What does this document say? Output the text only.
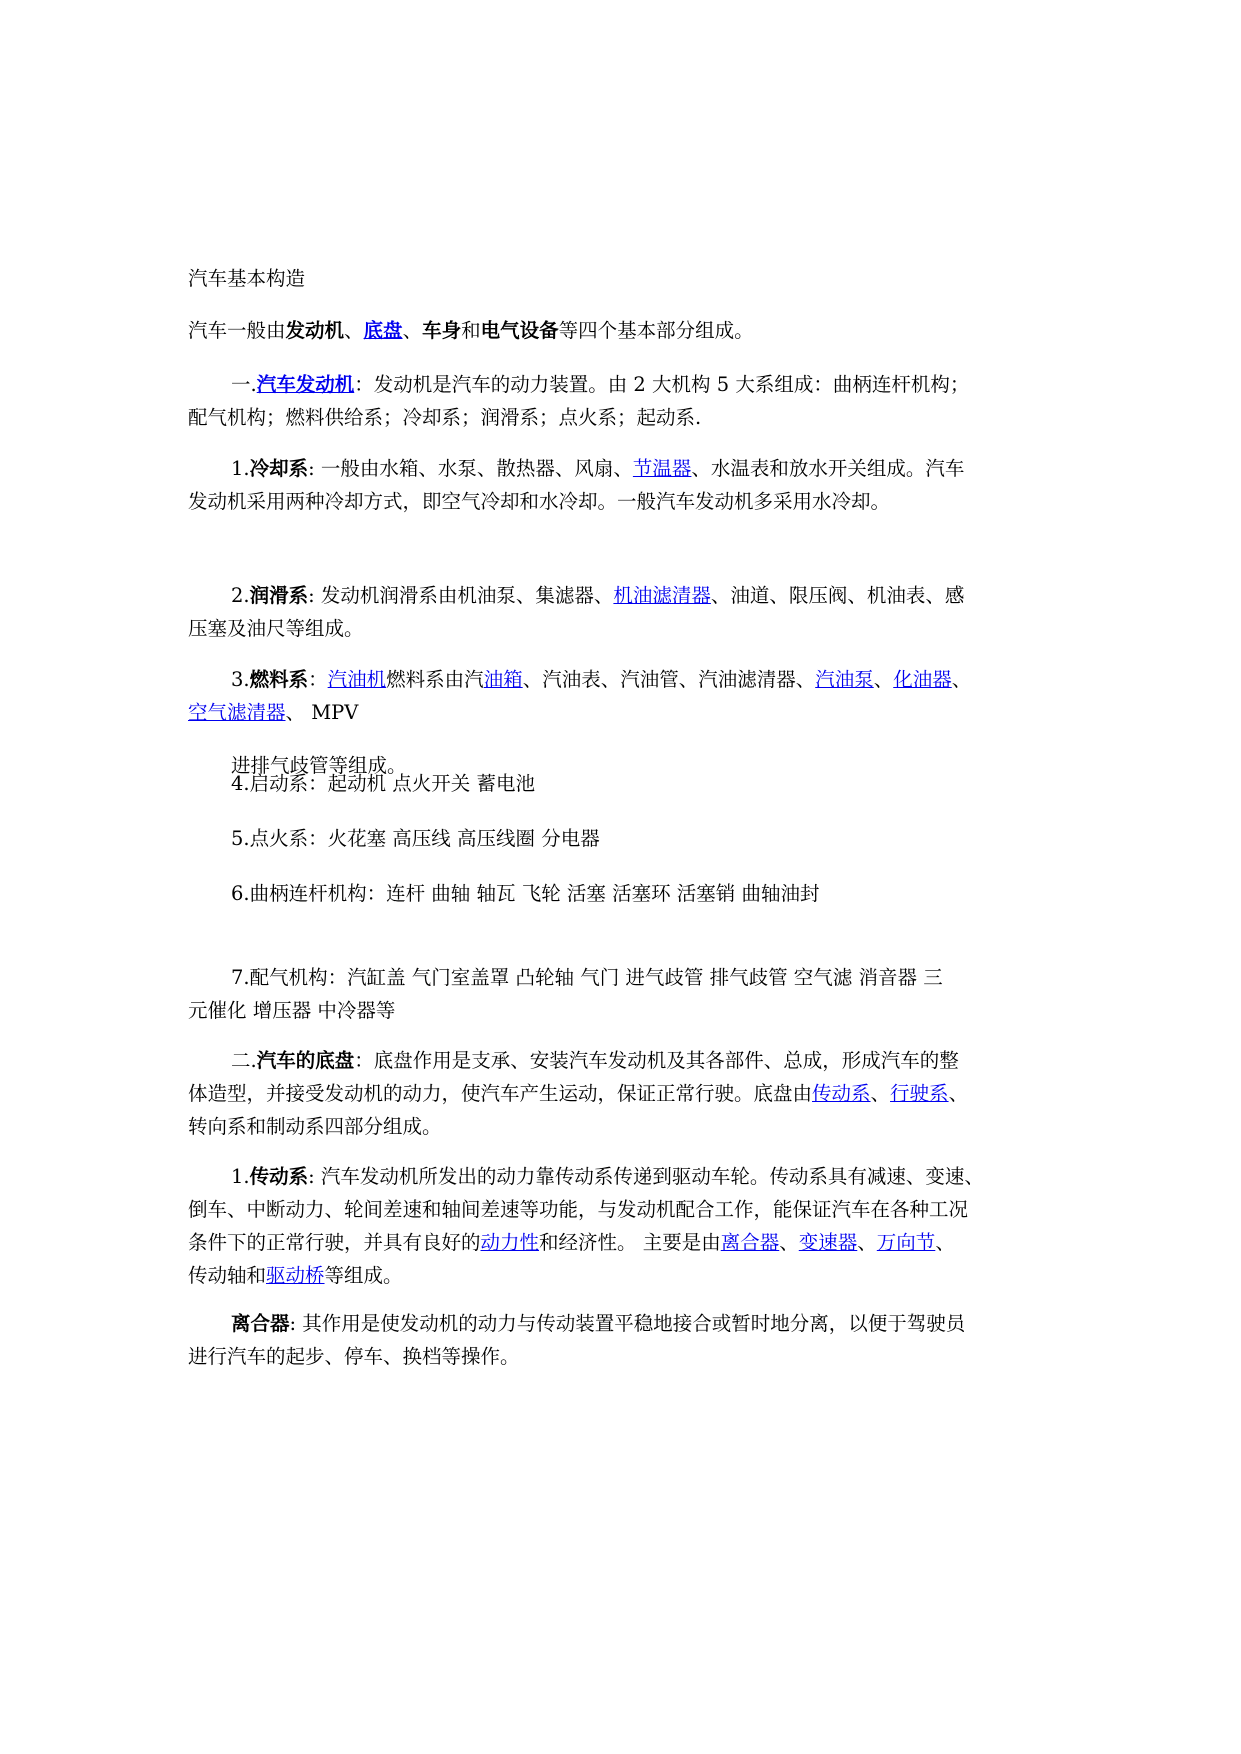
汽车基本构造

汽车一般由发动机、底盘、车身和电气设备等四个基本部分组成。

一.汽车发动机：发动机是汽车的动力装置。由 2 大机构 5 大系组成：曲柄连杆机构；

配气机构；燃料供给系；冷却系；润滑系；点火系；起动系.

1.冷却系: 一般由水箱、水泵、散热器、风扇、节温器、水温表和放水开关组成。汽车

发动机采用两种冷却方式，即空气冷却和水冷却。一般汽车发动机多采用水冷却。

2.润滑系: 发动机润滑系由机油泵、集滤器、机油滤清器、油道、限压阀、机油表、感

压塞及油尺等组成。

3.燃料系：汽油机燃料系由汽油箱、汽油表、汽油管、汽油滤清器、汽油泵、化油器、

空气滤清器、 MPV

进排气歧管等组成。

4.启动系：起动机 点火开关 蓄电池

5.点火系：火花塞 高压线 高压线圈 分电器

6.曲柄连杆机构：连杆 曲轴 轴瓦 飞轮 活塞 活塞环 活塞销 曲轴油封

7.配气机构：汽缸盖 气门室盖罩 凸轮轴 气门 进气歧管 排气歧管 空气滤 消音器 三

元催化 增压器 中冷器等

二.汽车的底盘：底盘作用是支承、安装汽车发动机及其各部件、总成，形成汽车的整

体造型，并接受发动机的动力，使汽车产生运动，保证正常行驶。底盘由传动系、行驶系、

转向系和制动系四部分组成。

1.传动系: 汽车发动机所发出的动力靠传动系传递到驱动车轮。传动系具有减速、变速、

倒车、中断动力、轮间差速和轴间差速等功能，与发动机配合工作，能保证汽车在各种工况

条件下的正常行驶，并具有良好的动力性和经济性。 主要是由离合器、变速器、万向节、

传动轴和驱动桥等组成。

离合器: 其作用是使发动机的动力与传动装置平稳地接合或暂时地分离，以便于驾驶员

进行汽车的起步、停车、换档等操作。
